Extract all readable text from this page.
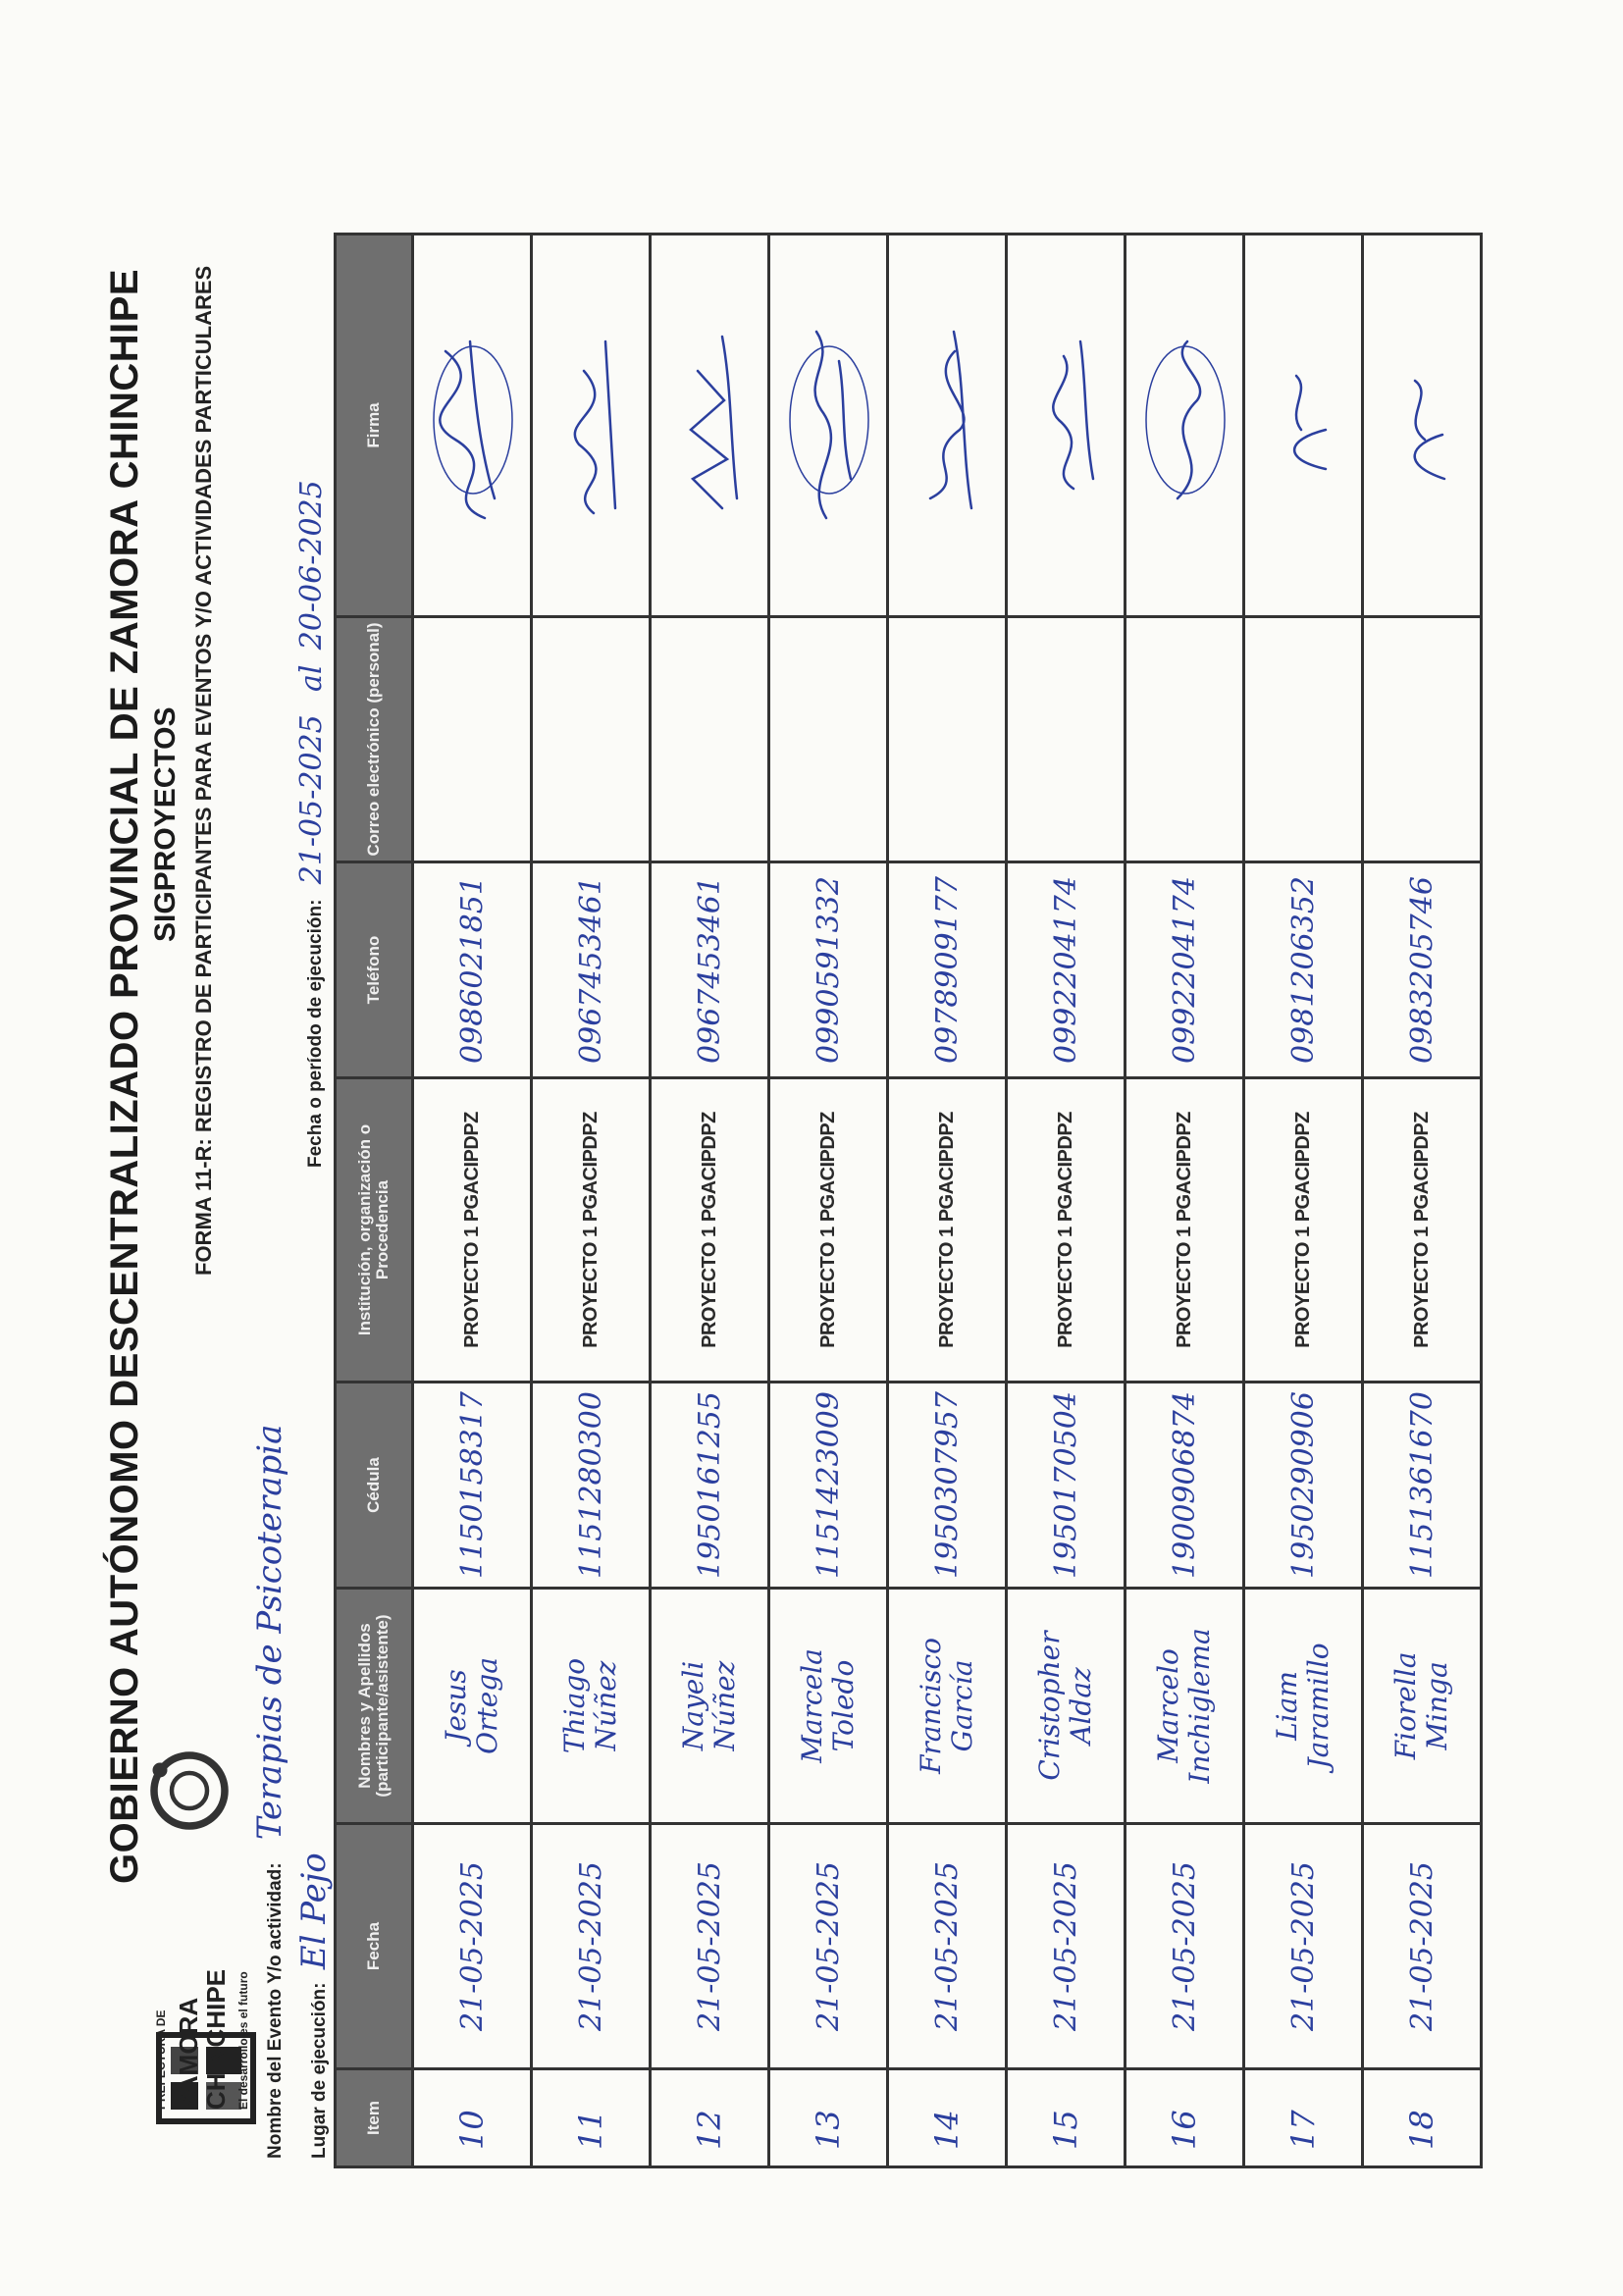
PREFECTURA DE ZAMORA
CHINCHIPE El desarrollo es el futuro
GOBIERNO AUTÓNOMO DESCENTRALIZADO PROVINCIAL DE ZAMORA CHINCHIPE SIGPROYECTOS FORMA 11-R: REGISTRO DE PARTICIPANTES PARA EVENTOS Y/O ACTIVIDADES PARTICULARES
Nombre del Evento Y/o actividad: Terapias de Psicoterapia
Lugar de ejecución: El Pejo
Fecha o período de ejecución: 21-05-2025 al 20-06-2025
Item	Fecha	Nombres y Apellidos (participante/asistente)	Cédula	Institución, organización o Procedencia	Teléfono	Correo electrónico (personal)	Firma
10	21-05-2025	Jesus Ortega	1150158317	PROYECTO 1 PGACIPDPZ	0986021851		

11	21-05-2025	Thiago Núñez	1151280300	PROYECTO 1 PGACIPDPZ	0967453461		

12	21-05-2025	Nayeli Núñez	1950161255	PROYECTO 1 PGACIPDPZ	0967453461		

13	21-05-2025	Marcela Toledo	1151423009	PROYECTO 1 PGACIPDPZ	0990591332		

14	21-05-2025	Francisco García	1950307957	PROYECTO 1 PGACIPDPZ	0978909177		

15	21-05-2025	Cristopher Aldaz	1950170504	PROYECTO 1 PGACIPDPZ	0992204174		

16	21-05-2025	Marcelo Inchiglema	1900906874	PROYECTO 1 PGACIPDPZ	0992204174		

17	21-05-2025	Liam Jaramillo	1950290906	PROYECTO 1 PGACIPDPZ	0981206352		

18	21-05-2025	Fiorella Minga	1151361670	PROYECTO 1 PGACIPDPZ	0983205746		
